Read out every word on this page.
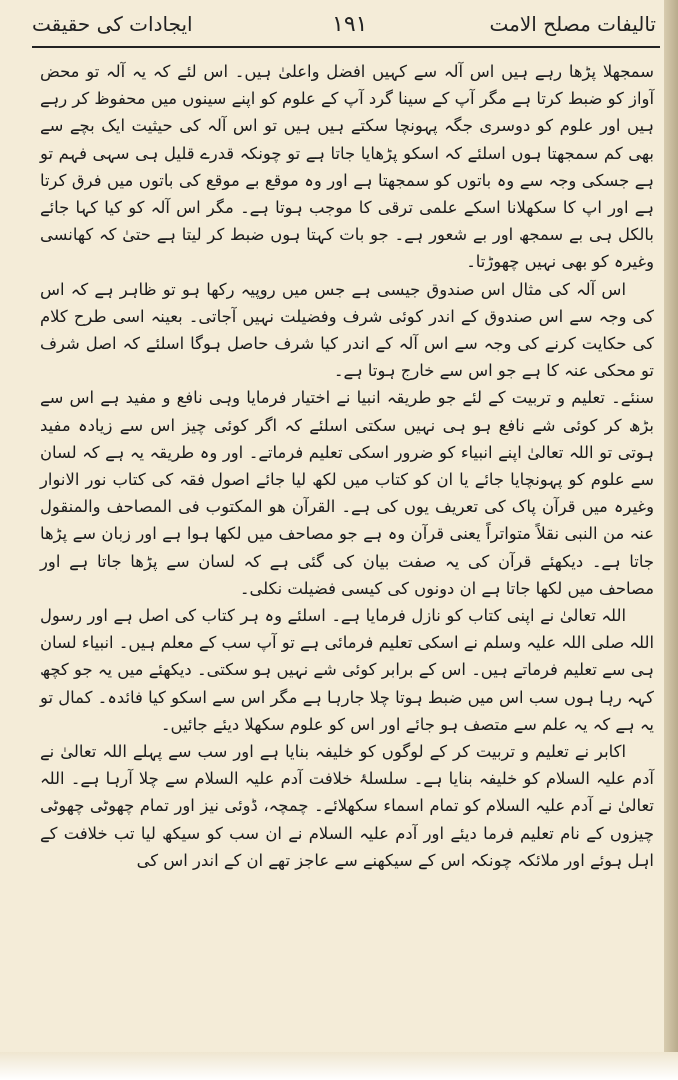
ایجادات کی حقیقت	۱۹۱	تالیفات مصلح الامت

سمجھلا پڑھا رہے ہیں اس آلہ سے کہیں افضل واعلیٰ ہیں۔ اس لئے کہ یہ آلہ تو محض آواز کو ضبط کرتا ہے مگر آپ کے سینا گرد آپ کے علوم کو اپنے سینوں میں محفوظ کر رہے ہیں اور علوم کو دوسری جگہ پہونچا سکتے ہیں ہیں تو اس آلہ کی حیثیت ایک بچے سے بھی کم سمجھتا ہوں اسلئے کہ اسکو پڑھایا جاتا ہے تو چونکہ قدرے قلیل ہی سہی فہم تو ہے جسکی وجہ سے وہ باتوں کو سمجھتا ہے اور وہ موقع بے موقع کی باتوں میں فرق کرتا ہے اور اپ کا سکھلانا اسکے علمی ترقی کا موجب ہوتا ہے۔ مگر اس آلہ کو کیا کہا جائے بالکل ہی بے سمجھ اور بے شعور ہے۔ جو بات کہتا ہوں ضبط کر لیتا ہے حتیٰ کہ کھانسی وغیرہ کو بھی نہیں چھوڑتا۔

اس آلہ کی مثال اس صندوق جیسی ہے جس میں روپیہ رکھا ہو تو ظاہر ہے کہ اس کی وجہ سے اس صندوق کے اندر کوئی شرف وفضیلت نہیں آجاتی۔ بعینہ اسی طرح کلام کی حکایت کرنے کی وجہ سے اس آلہ کے اندر کیا شرف حاصل ہوگا اسلئے کہ اصل شرف تو محکی عنہ کا ہے جو اس سے خارج ہوتا ہے۔

سنئے۔ تعلیم و تربیت کے لئے جو طریقہ انبیا نے اختیار فرمایا وہی نافع و مفید ہے اس سے بڑھ کر کوئی شے نافع ہو ہی نہیں سکتی اسلئے کہ اگر کوئی چیز اس سے زیادہ مفید ہوتی تو اللہ تعالیٰ اپنے انبیاء کو ضرور اسکی تعلیم فرماتے۔ اور وہ طریقہ یہ ہے کہ لسان سے علوم کو پہونچایا جائے یا ان کو کتاب میں لکھ لیا جائے اصول فقہ کی کتاب نور الانوار وغیرہ میں قرآن پاک کی تعریف یوں کی ہے۔ القرآن ھو المکتوب فی المصاحف والمنقول عنہ من النبی نقلاً متواتراً یعنی قرآن وہ ہے جو مصاحف میں لکھا ہوا ہے اور زبان سے پڑھا جاتا ہے۔ دیکھئے قرآن کی یہ صفت بیان کی گئی ہے کہ لسان سے پڑھا جاتا ہے اور مصاحف میں لکھا جاتا ہے ان دونوں کی کیسی فضیلت نکلی۔

اللہ تعالیٰ نے اپنی کتاب کو نازل فرمایا ہے۔ اسلئے وہ ہر کتاب کی اصل ہے اور رسول اللہ صلی اللہ علیہ وسلم نے اسکی تعلیم فرمائی ہے تو آپ سب کے معلم ہیں۔ انبیاء لسان ہی سے تعلیم فرماتے ہیں۔ اس کے برابر کوئی شے نہیں ہو سکتی۔ دیکھئے میں یہ جو کچھ کہہ رہا ہوں سب اس میں ضبط ہوتا چلا جارہا ہے مگر اس سے اسکو کیا فائدہ۔ کمال تو یہ ہے کہ یہ علم سے متصف ہو جائے اور اس کو علوم سکھلا دیئے جائیں۔

اکابر نے تعلیم و تربیت کر کے لوگوں کو خلیفہ بنایا ہے اور سب سے پہلے اللہ تعالیٰ نے آدم علیہ السلام کو خلیفہ بنایا ہے۔ سلسلۂ خلافت آدم علیہ السلام سے چلا آرہا ہے۔ اللہ تعالیٰ نے آدم علیہ السلام کو تمام اسماء سکھلائے۔ چمچہ، ڈوئی نیز اور تمام چھوٹی چھوٹی چیزوں کے نام تعلیم فرما دیئے اور آدم علیہ السلام نے ان سب کو سیکھ لیا تب خلافت کے اہل ہوئے اور ملائکہ چونکہ اس کے سیکھنے سے عاجز تھے ان کے اندر اس کی
